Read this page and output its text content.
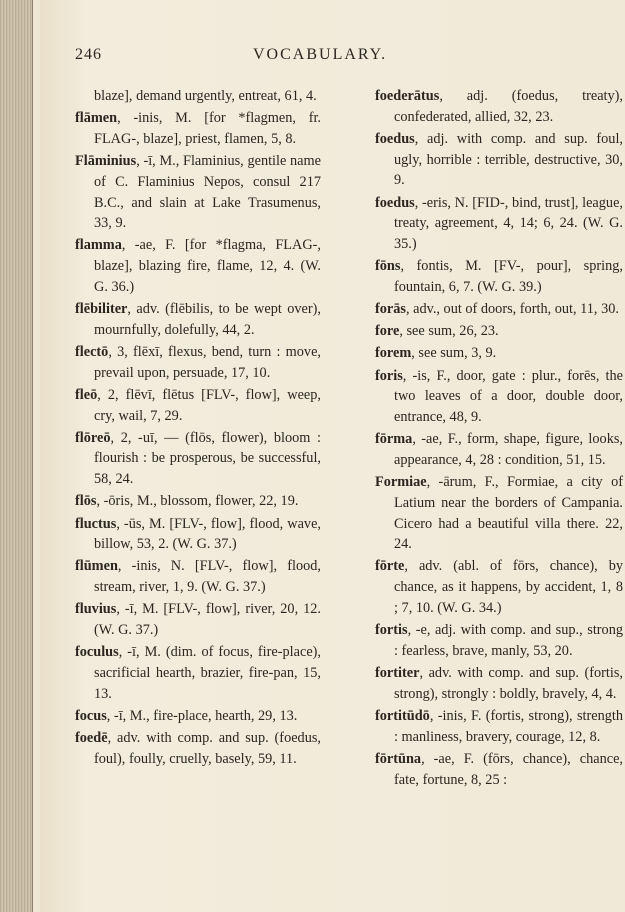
246	VOCABULARY.

blaze], demand urgently, entreat, 61, 4.

flāmen, -inis, M. [for *flagmen, fr. FLAG-, blaze], priest, flamen, 5, 8.

Flāminius, -ī, M., Flaminius, gentile name of C. Flaminius Nepos, consul 217 B.C., and slain at Lake Trasumenus, 33, 9.

flamma, -ae, F. [for *flagma, FLAG-, blaze], blazing fire, flame, 12, 4. (W. G. 36.)

flēbiliter, adv. (flēbilis, to be wept over), mournfully, dolefully, 44, 2.

flectō, 3, flēxī, flexus, bend, turn : move, prevail upon, persuade, 17, 10.

fleō, 2, flēvī, flētus [FLV-, flow], weep, cry, wail, 7, 29.

flōreō, 2, -uī, — (flōs, flower), bloom : flourish : be prosperous, be successful, 58, 24.

flōs, -ōris, M., blossom, flower, 22, 19.

fluctus, -ūs, M. [FLV-, flow], flood, wave, billow, 53, 2. (W. G. 37.)

flūmen, -inis, N. [FLV-, flow], flood, stream, river, 1, 9. (W. G. 37.)

fluvius, -ī, M. [FLV-, flow], river, 20, 12. (W. G. 37.)

foculus, -ī, M. (dim. of focus, fire-place), sacrificial hearth, brazier, fire-pan, 15, 13.

focus, -ī, M., fire-place, hearth, 29, 13.

foedē, adv. with comp. and sup. (foedus, foul), foully, cruelly, basely, 59, 11.

foederātus, adj. (foedus, treaty), confederated, allied, 32, 23.

foedus, adj. with comp. and sup. foul, ugly, horrible : terrible, destructive, 30, 9.

foedus, -eris, N. [FID-, bind, trust], league, treaty, agreement, 4, 14; 6, 24. (W. G. 35.)

fōns, fontis, M. [FV-, pour], spring, fountain, 6, 7. (W. G. 39.)

forās, adv., out of doors, forth, out, 11, 30.

fore, see sum, 26, 23.

forem, see sum, 3, 9.

foris, -is, F., door, gate : plur., forēs, the two leaves of a door, double door, entrance, 48, 9.

fōrma, -ae, F., form, shape, figure, looks, appearance, 4, 28 : condition, 51, 15.

Formiae, -ārum, F., Formiae, a city of Latium near the borders of Campania. Cicero had a beautiful villa there. 22, 24.

fōrte, adv. (abl. of fōrs, chance), by chance, as it happens, by accident, 1, 8 ; 7, 10. (W. G. 34.)

fortis, -e, adj. with comp. and sup., strong : fearless, brave, manly, 53, 20.

fortiter, adv. with comp. and sup. (fortis, strong), strongly : boldly, bravely, 4, 4.

fortitūdō, -inis, F. (fortis, strong), strength : manliness, bravery, courage, 12, 8.

fōrtūna, -ae, F. (fōrs, chance), chance, fate, fortune, 8, 25 :
